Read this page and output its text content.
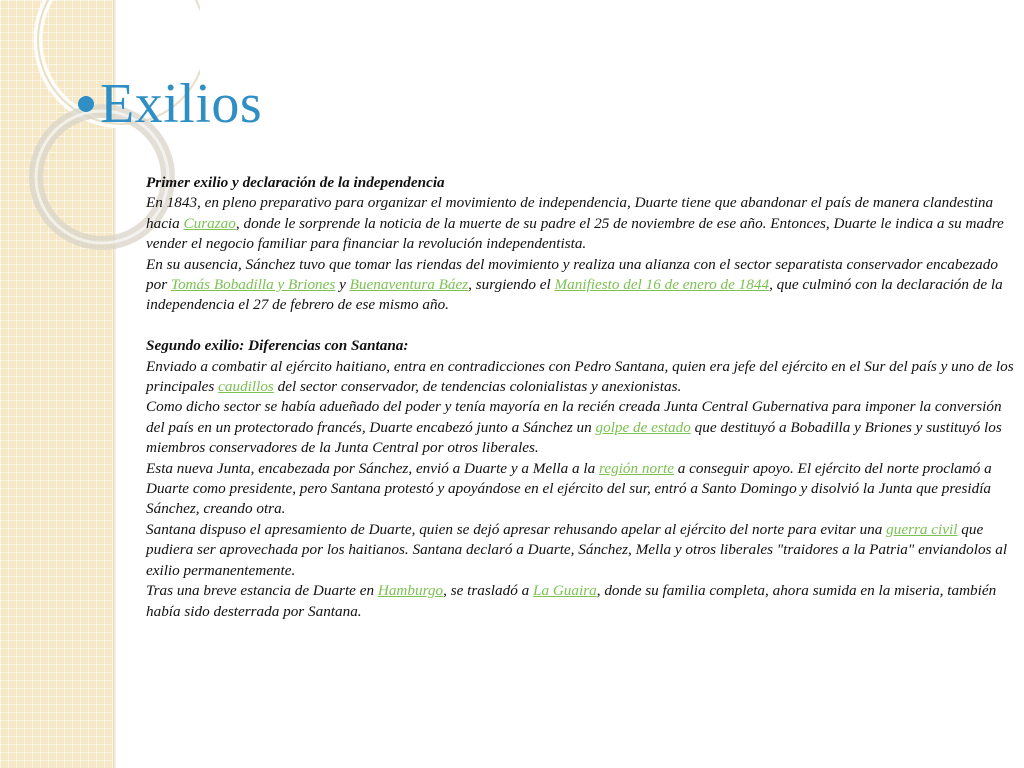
Exilios

Primer exilio y declaración de la independencia

En 1843, en pleno preparativo para organizar el movimiento de independencia, Duarte tiene que abandonar el país de manera clandestina hacia Curazao, donde le sorprende la noticia de la muerte de su padre el 25 de noviembre de ese año. Entonces, Duarte le indica a su madre vender el negocio familiar para financiar la revolución independentista.

En su ausencia, Sánchez tuvo que tomar las riendas del movimiento y realiza una alianza con el sector separatista conservador encabezado por Tomás Bobadilla y Briones y Buenaventura Báez, surgiendo el Manifiesto del 16 de enero de 1844, que culminó con la declaración de la independencia el 27 de febrero de ese mismo año.

Segundo exilio: Diferencias con Santana:

Enviado a combatir al ejército haitiano, entra en contradicciones con Pedro Santana, quien era jefe del ejército en el Sur del país y uno de los principales caudillos del sector conservador, de tendencias colonialistas y anexionistas.

Como dicho sector se había adueñado del poder y tenía mayoría en la recién creada Junta Central Gubernativa para imponer la conversión del país en un protectorado francés, Duarte encabezó junto a Sánchez un golpe de estado que destituyó a Bobadilla y Briones y sustituyó los miembros conservadores de la Junta Central por otros liberales.

Esta nueva Junta, encabezada por Sánchez, envió a Duarte y a Mella a la región norte a conseguir apoyo. El ejército del norte proclamó a Duarte como presidente, pero Santana protestó y apoyándose en el ejército del sur, entró a Santo Domingo y disolvió la Junta que presidía Sánchez, creando otra.

Santana dispuso el apresamiento de Duarte, quien se dejó apresar rehusando apelar al ejército del norte para evitar una guerra civil que pudiera ser aprovechada por los haitianos. Santana declaró a Duarte, Sánchez, Mella y otros liberales "traidores a la Patria" enviandolos al exilio permanentemente.

Tras una breve estancia de Duarte en Hamburgo, se trasladó a La Guaira, donde su familia completa, ahora sumida en la miseria, también había sido desterrada por Santana.
